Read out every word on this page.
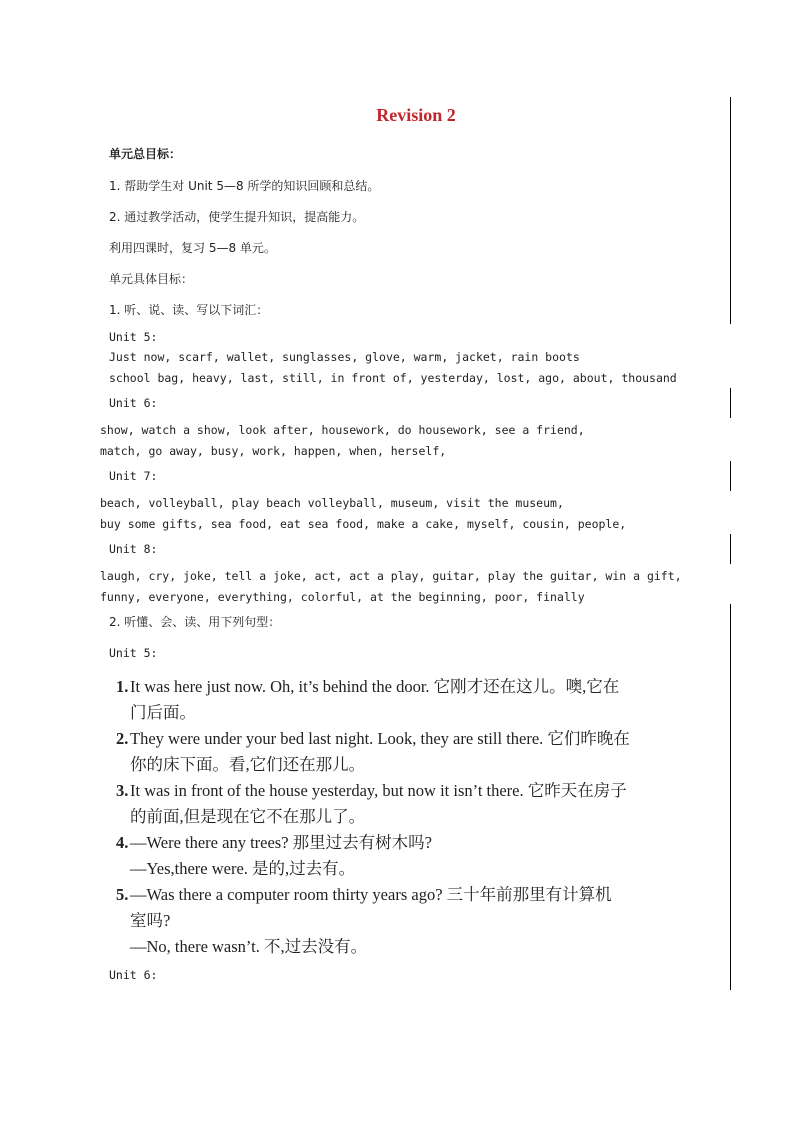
Revision 2
单元总目标：
1. 帮助学生对 Unit 5—8 所学的知识回顾和总结。
2. 通过教学活动，使学生提升知识，提高能力。
利用四课时，复习 5—8 单元。
单元具体目标：
1. 听、说、读、写以下词汇：
Unit 5:
Just now, scarf, wallet, sunglasses, glove, warm, jacket, rain boots
school bag, heavy, last, still, in front of, yesterday, lost, ago, about, thousand
Unit 6:
show, watch a show, look after, housework, do housework, see a friend,
match, go away, busy, work, happen, when, herself,
Unit 7:
beach, volleyball, play beach volleyball, museum, visit the museum,
buy some gifts, sea food, eat sea food, make a cake, myself, cousin, people,
Unit 8:
laugh, cry, joke, tell a joke, act, act a play, guitar, play the guitar, win a gift,
funny, everyone, everything, colorful, at the beginning, poor, finally
2. 听懂、会、读、用下列句型：
Unit 5:
1.It was here just now. Oh, it’s behind the door. 它刚才还在这儿。噢,它在
门后面。
2.They were under your bed last night. Look, they are still there. 它们昨晚在
你的床下面。看,它们还在那儿。
3.It was in front of the house yesterday, but now it isn’t there. 它昨天在房子
的前面,但是现在它不在那儿了。
4.—Were there any trees? 那里过去有树木吗?
—Yes,there were. 是的,过去有。
5.—Was there a computer room thirty years ago? 三十年前那里有计算机
室吗?
—No, there wasn’t. 不,过去没有。
Unit 6:
